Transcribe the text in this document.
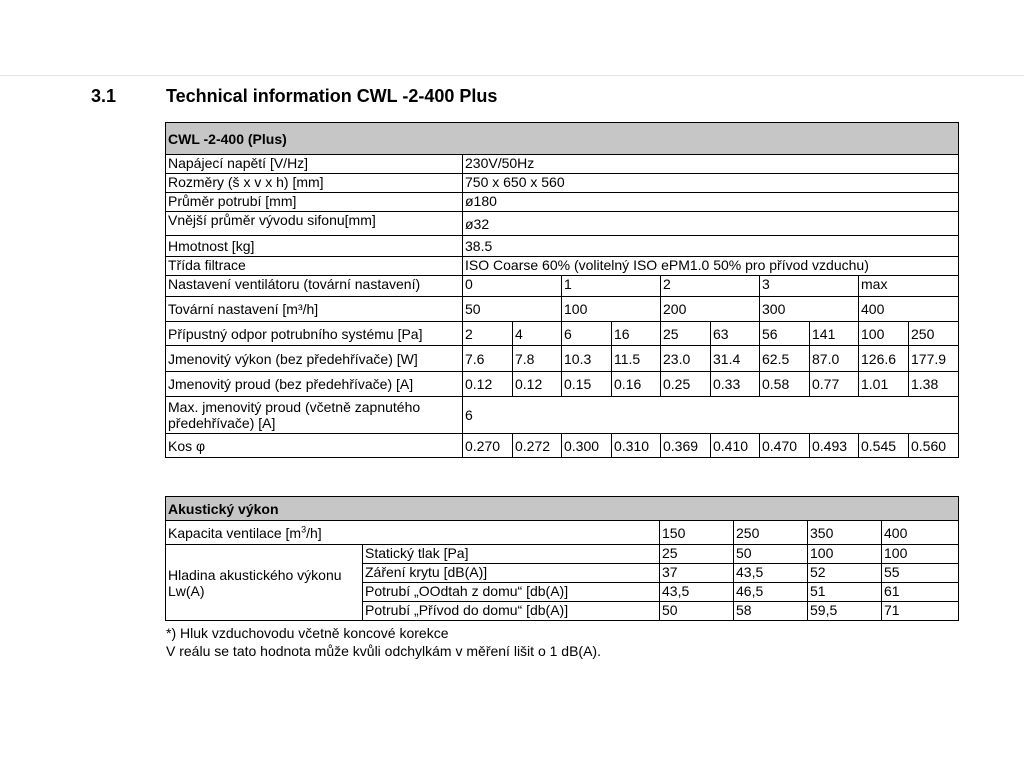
3.1	Technical information CWL -2-400 Plus
CWL -2-400 (Plus)										
Napájecí napětí [V/Hz]	230V/50Hz									
Rozměry (š x v x h) [mm]	750 x 650 x 560									
Průměr potrubí [mm]	ø180									
Vnější průměr vývodu sifonu[mm]	ø32									
Hmotnost [kg]	38.5									
Třída filtrace	ISO Coarse 60% (volitelný ISO ePM1.0 50% pro přívod vzduchu)									
Nastavení ventilátoru (tovární nastavení)	0		1		2		3		max	
Tovární nastavení [m³/h]	50		100		200		300		400	
Přípustný odpor potrubního systému [Pa]	2	4	6	16	25	63	56	141	100	250
Jmenovitý výkon (bez předehřívače) [W]	7.6	7.8	10.3	11.5	23.0	31.4	62.5	87.0	126.6	177.9
Jmenovitý proud (bez předehřívače) [A]	0.12	0.12	0.15	0.16	0.25	0.33	0.58	0.77	1.01	1.38
Max. jmenovitý proud (včetně zapnutého předehřívače) [A]	6									
Kos φ	0.270	0.272	0.300	0.310	0.369	0.410	0.470	0.493	0.545	0.560
Akustický výkon					
Kapacita ventilace $[m^3/h]$		150	250	350	400
Hladina akustického výkonu Lw(A)	Statický tlak [Pa]	25	50	100	100
	Záření krytu [dB(A)]	37	43,5	52	55
	Potrubí „OOdtah z domu“ [db(A)]	43,5	46,5	51	61
	Potrubí „Přívod do domu“ [db(A)]	50	58	59,5	71
*) Hluk vzduchovodu včetně koncové korekce
V reálu se tato hodnota může kvůli odchylkám v měření lišit o 1 dB(A).
